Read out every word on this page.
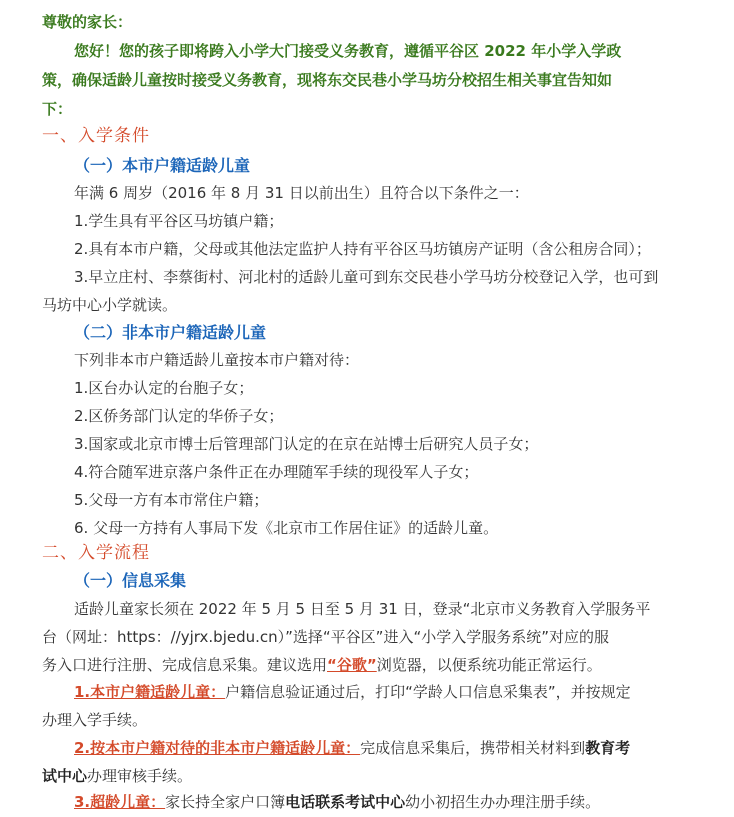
尊敬的家长：

您好！您的孩子即将跨入小学大门接受义务教育，遵循平谷区 2022 年小学入学政

策，确保适龄儿童按时接受义务教育，现将东交民巷小学马坊分校招生相关事宜告知如

下：

一、入学条件

（一）本市户籍适龄儿童

年满 6 周岁（2016 年 8 月 31 日以前出生）且符合以下条件之一：

1.学生具有平谷区马坊镇户籍；

2.具有本市户籍，父母或其他法定监护人持有平谷区马坊镇房产证明（含公租房合同）；

3.早立庄村、李蔡街村、河北村的适龄儿童可到东交民巷小学马坊分校登记入学，也可到

马坊中心小学就读。

（二）非本市户籍适龄儿童

下列非本市户籍适龄儿童按本市户籍对待：

1.区台办认定的台胞子女；

2.区侨务部门认定的华侨子女；

3.国家或北京市博士后管理部门认定的在京在站博士后研究人员子女；

4.符合随军进京落户条件正在办理随军手续的现役军人子女；

5.父母一方有本市常住户籍；

6. 父母一方持有人事局下发《北京市工作居住证》的适龄儿童。

二、入学流程

（一）信息采集

适龄儿童家长须在 2022 年 5 月 5 日至 5 月 31 日，登录“北京市义务教育入学服务平

台（网址：https：//yjrx.bjedu.cn）”选择“平谷区”进入“小学入学服务系统”对应的服

务入口进行注册、完成信息采集。建议选用“谷歌”浏览器，以便系统功能正常运行。

1.本市户籍适龄儿童：户籍信息验证通过后，打印“学龄人口信息采集表”，并按规定

办理入学手续。

2.按本市户籍对待的非本市户籍适龄儿童：完成信息采集后，携带相关材料到教育考

试中心办理审核手续。

3.超龄儿童：家长持全家户口簿电话联系考试中心幼小初招生办办理注册手续。
